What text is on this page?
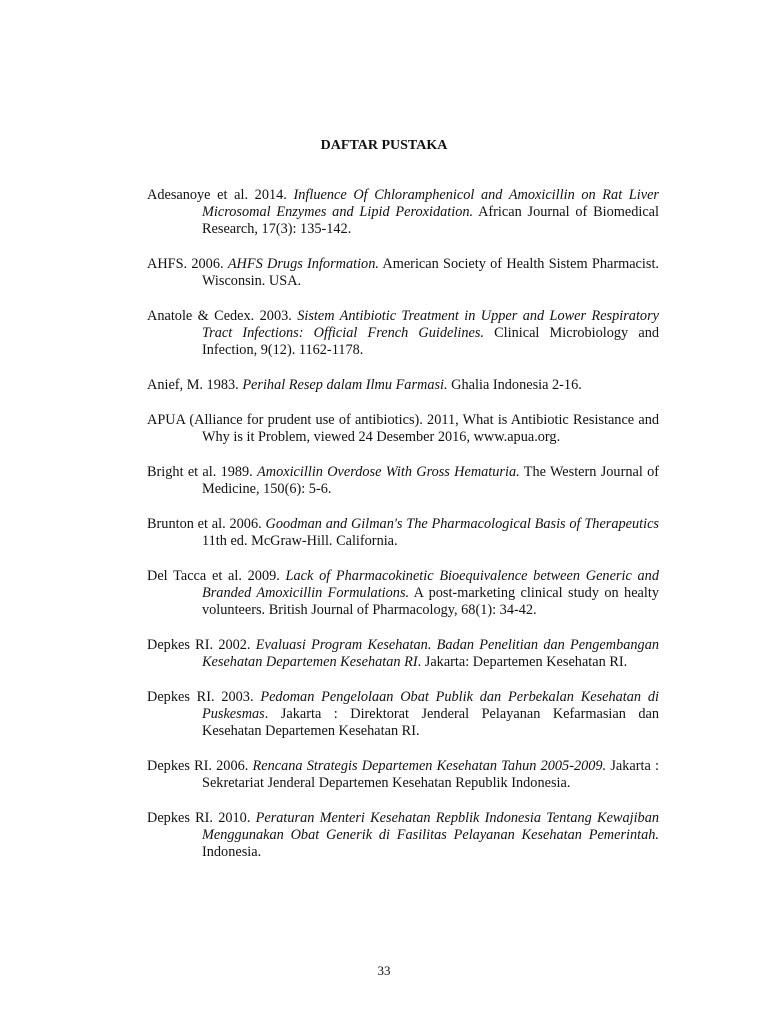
DAFTAR PUSTAKA

Adesanoye et al. 2014. Influence Of Chloramphenicol and Amoxicillin on Rat Liver Microsomal Enzymes and Lipid Peroxidation. African Journal of Biomedical Research, 17(3): 135-142.

AHFS. 2006. AHFS Drugs Information. American Society of Health Sistem Pharmacist. Wisconsin. USA.

Anatole & Cedex. 2003. Sistem Antibiotic Treatment in Upper and Lower Respiratory Tract Infections: Official French Guidelines. Clinical Microbiology and Infection, 9(12). 1162-1178.

Anief, M. 1983. Perihal Resep dalam Ilmu Farmasi. Ghalia Indonesia 2-16.

APUA (Alliance for prudent use of antibiotics). 2011, What is Antibiotic Resistance and Why is it Problem, viewed 24 Desember 2016, www.apua.org.

Bright et al. 1989. Amoxicillin Overdose With Gross Hematuria. The Western Journal of Medicine, 150(6): 5-6.

Brunton et al. 2006. Goodman and Gilman's The Pharmacological Basis of Therapeutics 11th ed. McGraw-Hill. California.

Del Tacca et al. 2009. Lack of Pharmacokinetic Bioequivalence between Generic and Branded Amoxicillin Formulations. A post-marketing clinical study on healty volunteers. British Journal of Pharmacology, 68(1): 34-42.

Depkes RI. 2002. Evaluasi Program Kesehatan. Badan Penelitian dan Pengembangan Kesehatan Departemen Kesehatan RI. Jakarta: Departemen Kesehatan RI.

Depkes RI. 2003. Pedoman Pengelolaan Obat Publik dan Perbekalan Kesehatan di Puskesmas. Jakarta : Direktorat Jenderal Pelayanan Kefarmasian dan Kesehatan Departemen Kesehatan RI.

Depkes RI. 2006. Rencana Strategis Departemen Kesehatan Tahun 2005-2009. Jakarta : Sekretariat Jenderal Departemen Kesehatan Republik Indonesia.

Depkes RI. 2010. Peraturan Menteri Kesehatan Repblik Indonesia Tentang Kewajiban Menggunakan Obat Generik di Fasilitas Pelayanan Kesehatan Pemerintah. Indonesia.

33
